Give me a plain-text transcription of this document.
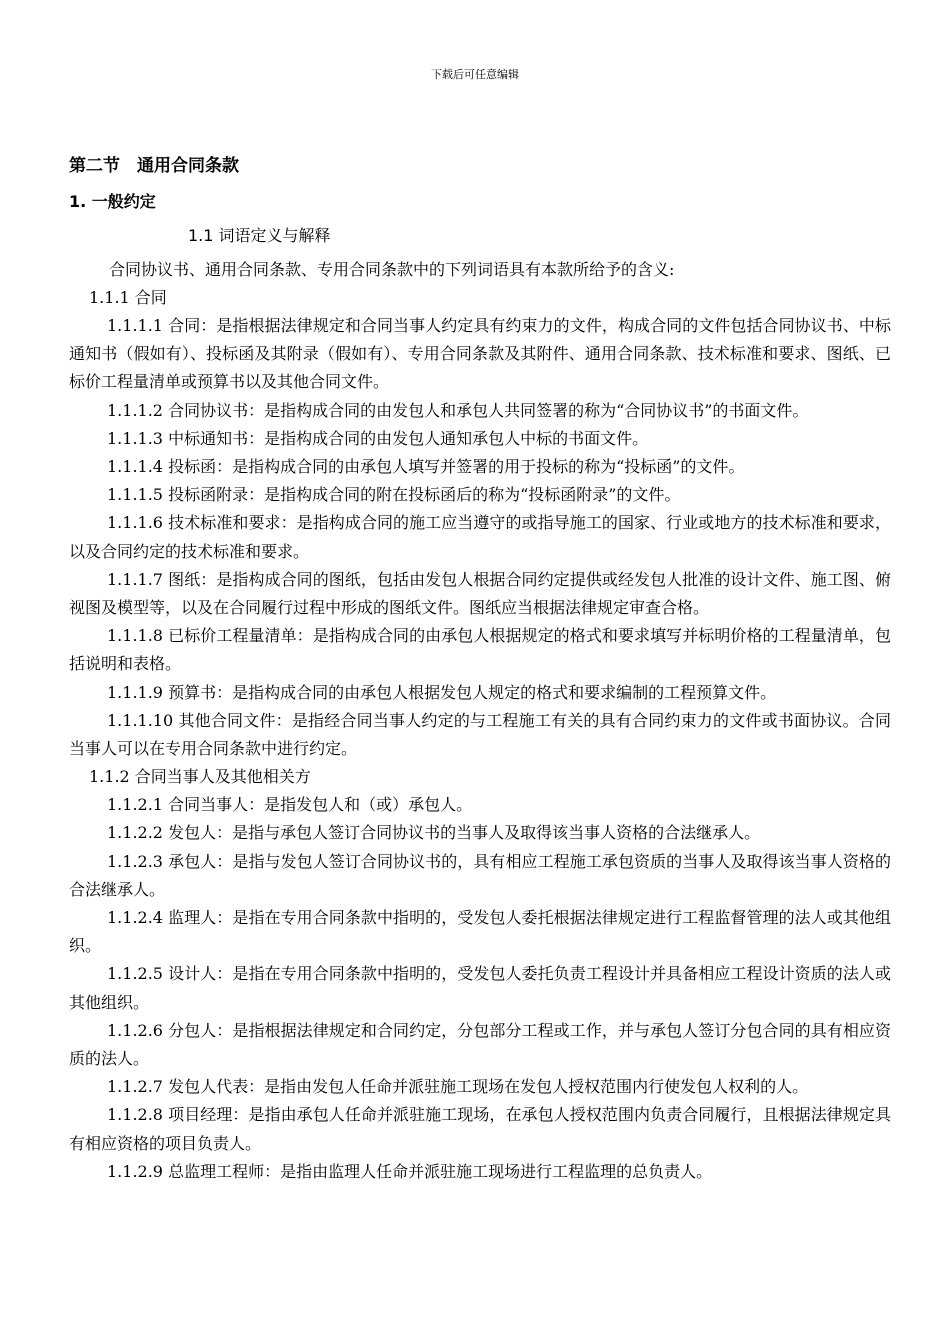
下载后可任意编辑
第二节　通用合同条款
1. 一般约定
1.1 词语定义与解释
合同协议书、通用合同条款、专用合同条款中的下列词语具有本款所给予的含义:
1.1.1 合同
1.1.1.1 合同：是指根据法律规定和合同当事人约定具有约束力的文件，构成合同的文件包括合同协议书、中标通知书（假如有）、投标函及其附录（假如有）、专用合同条款及其附件、通用合同条款、技术标准和要求、图纸、已标价工程量清单或预算书以及其他合同文件。
1.1.1.2 合同协议书：是指构成合同的由发包人和承包人共同签署的称为“合同协议书”的书面文件。
1.1.1.3 中标通知书：是指构成合同的由发包人通知承包人中标的书面文件。
1.1.1.4 投标函：是指构成合同的由承包人填写并签署的用于投标的称为“投标函”的文件。
1.1.1.5 投标函附录：是指构成合同的附在投标函后的称为“投标函附录”的文件。
1.1.1.6 技术标准和要求：是指构成合同的施工应当遵守的或指导施工的国家、行业或地方的技术标准和要求，以及合同约定的技术标准和要求。
1.1.1.7 图纸：是指构成合同的图纸，包括由发包人根据合同约定提供或经发包人批准的设计文件、施工图、俯视图及模型等，以及在合同履行过程中形成的图纸文件。图纸应当根据法律规定审查合格。
1.1.1.8 已标价工程量清单：是指构成合同的由承包人根据规定的格式和要求填写并标明价格的工程量清单，包括说明和表格。
1.1.1.9 预算书：是指构成合同的由承包人根据发包人规定的格式和要求编制的工程预算文件。
1.1.1.10 其他合同文件：是指经合同当事人约定的与工程施工有关的具有合同约束力的文件或书面协议。合同当事人可以在专用合同条款中进行约定。
1.1.2 合同当事人及其他相关方
1.1.2.1 合同当事人：是指发包人和（或）承包人。
1.1.2.2 发包人：是指与承包人签订合同协议书的当事人及取得该当事人资格的合法继承人。
1.1.2.3 承包人：是指与发包人签订合同协议书的，具有相应工程施工承包资质的当事人及取得该当事人资格的合法继承人。
1.1.2.4 监理人：是指在专用合同条款中指明的，受发包人委托根据法律规定进行工程监督管理的法人或其他组织。
1.1.2.5 设计人：是指在专用合同条款中指明的，受发包人委托负责工程设计并具备相应工程设计资质的法人或其他组织。
1.1.2.6 分包人：是指根据法律规定和合同约定，分包部分工程或工作，并与承包人签订分包合同的具有相应资质的法人。
1.1.2.7 发包人代表：是指由发包人任命并派驻施工现场在发包人授权范围内行使发包人权利的人。
1.1.2.8 项目经理：是指由承包人任命并派驻施工现场，在承包人授权范围内负责合同履行，且根据法律规定具有相应资格的项目负责人。
1.1.2.9 总监理工程师：是指由监理人任命并派驻施工现场进行工程监理的总负责人。
